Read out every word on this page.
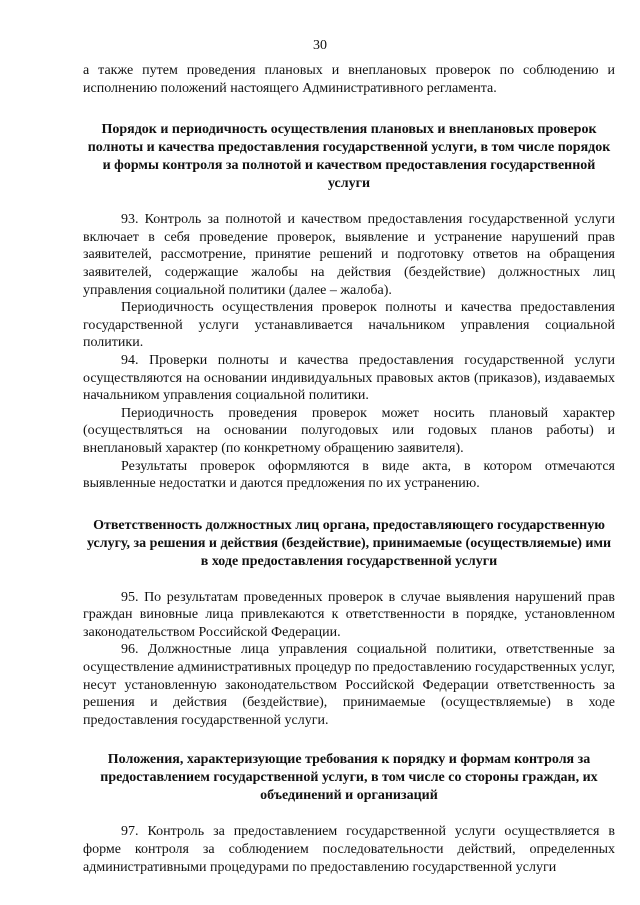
30

а также путем проведения плановых и внеплановых проверок по соблюдению и исполнению положений настоящего Административного регламента.

Порядок и периодичность осуществления плановых и внеплановых проверок полноты и качества предоставления государственной услуги, в том числе порядок и формы контроля за полнотой и качеством предоставления государственной услуги

93. Контроль за полнотой и качеством предоставления государственной услуги включает в себя проведение проверок, выявление и устранение нарушений прав заявителей, рассмотрение, принятие решений и подготовку ответов на обращения заявителей, содержащие жалобы на действия (бездействие) должностных лиц управления социальной политики (далее – жалоба).

Периодичность осуществления проверок полноты и качества предоставления государственной услуги устанавливается начальником управления социальной политики.

94. Проверки полноты и качества предоставления государственной услуги осуществляются на основании индивидуальных правовых актов (приказов), издаваемых начальником управления социальной политики.

Периодичность проведения проверок может носить плановый характер (осуществляться на основании полугодовых или годовых планов работы) и внеплановый характер (по конкретному обращению заявителя).

Результаты проверок оформляются в виде акта, в котором отмечаются выявленные недостатки и даются предложения по их устранению.

Ответственность должностных лиц органа, предоставляющего государственную услугу, за решения и действия (бездействие), принимаемые (осуществляемые) ими в ходе предоставления государственной услуги

95. По результатам проведенных проверок в случае выявления нарушений прав граждан виновные лица привлекаются к ответственности в порядке, установленном законодательством Российской Федерации.

96. Должностные лица управления социальной политики, ответственные за осуществление административных процедур по предоставлению государственных услуг, несут установленную законодательством Российской Федерации ответственность за решения и действия (бездействие), принимаемые (осуществляемые) в ходе предоставления государственной услуги.

Положения, характеризующие требования к порядку и формам контроля за предоставлением государственной услуги, в том числе со стороны граждан, их объединений и организаций

97. Контроль за предоставлением государственной услуги осуществляется в форме контроля за соблюдением последовательности действий, определенных административными процедурами по предоставлению государственной услуги
